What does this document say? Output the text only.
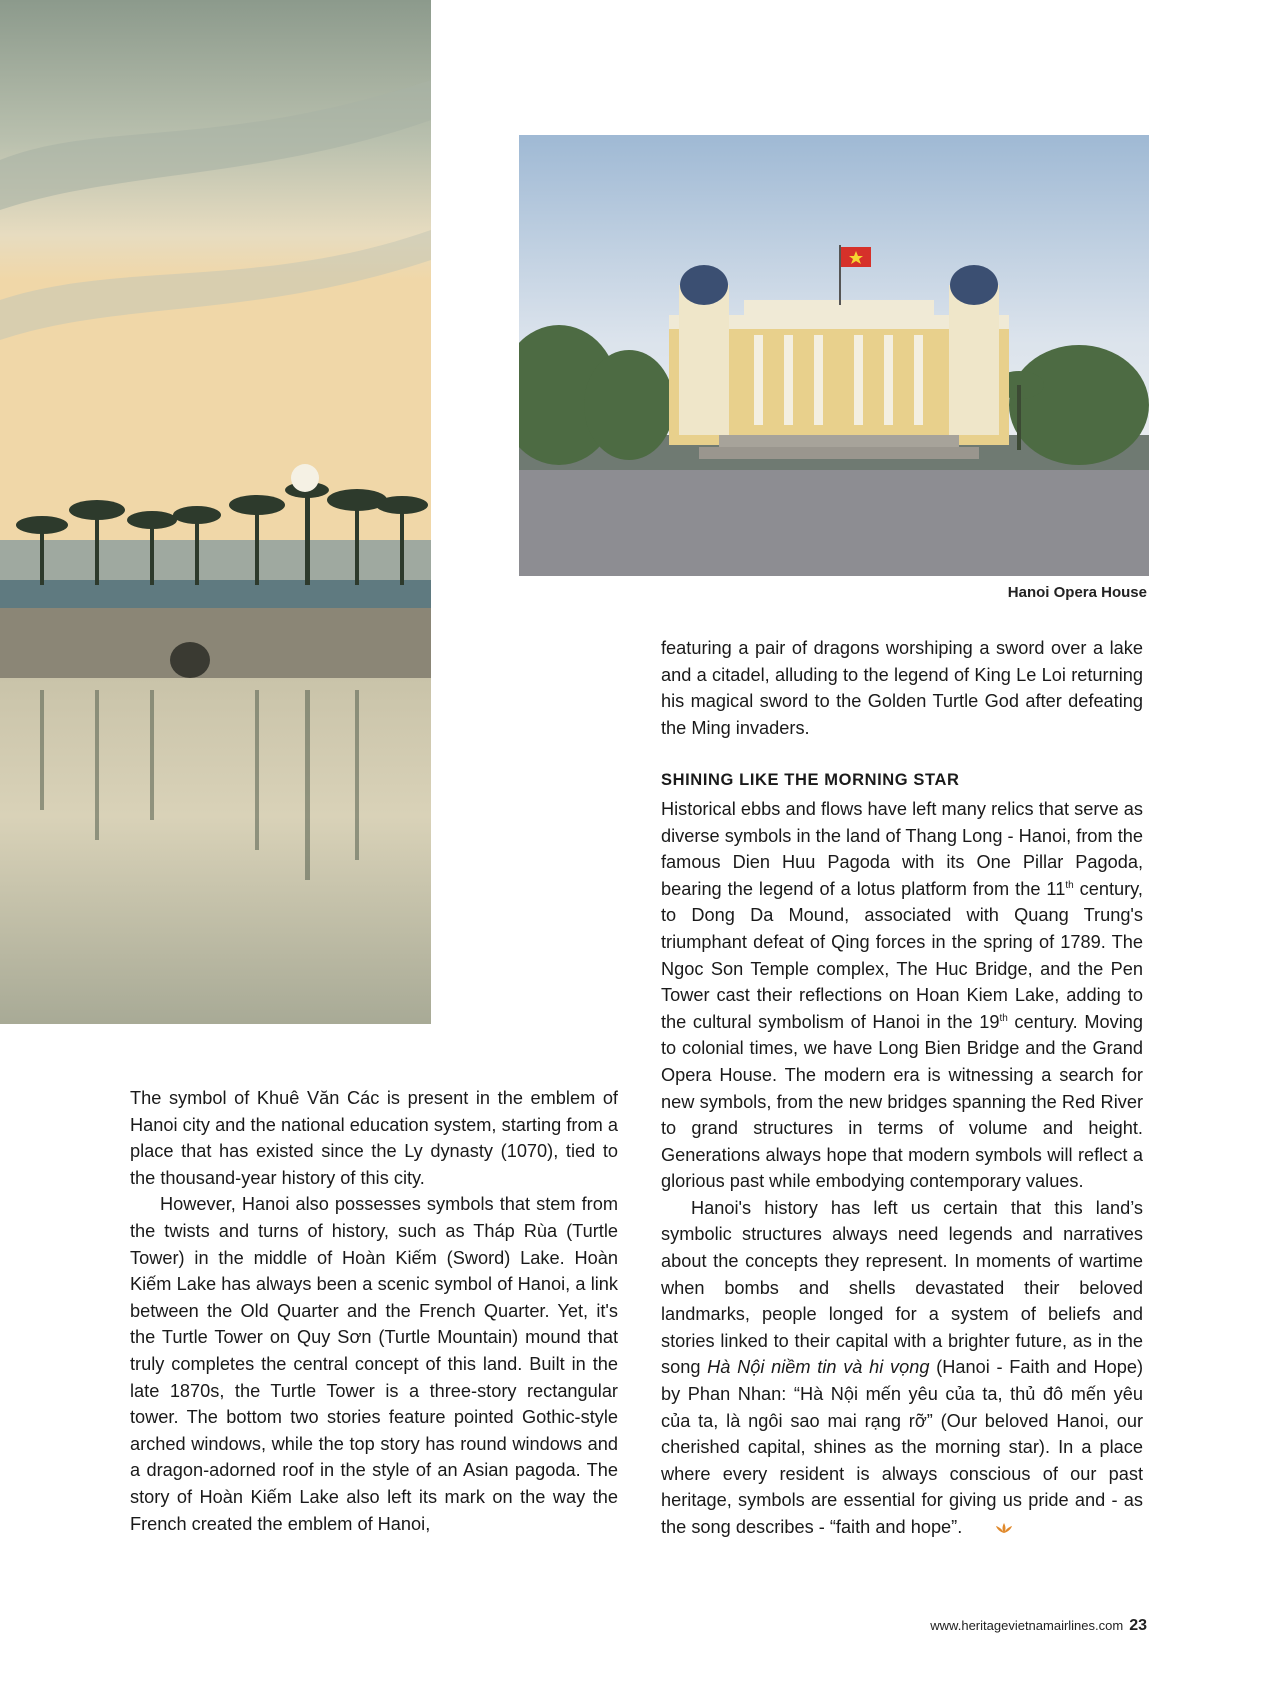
Hanoi Opera House

The symbol of Khuê Văn Các is present in the emblem of Hanoi city and the national education system, starting from a place that has existed since the Ly dynasty (1070), tied to the thousand-year history of this city.

However, Hanoi also possesses symbols that stem from the twists and turns of history, such as Tháp Rùa (Turtle Tower) in the middle of Hoàn Kiếm (Sword) Lake. Hoàn Kiếm Lake has always been a scenic symbol of Hanoi, a link between the Old Quarter and the French Quarter. Yet, it's the Turtle Tower on Quy Sơn (Turtle Mountain) mound that truly completes the central concept of this land. Built in the late 1870s, the Turtle Tower is a three-story rectangular tower. The bottom two stories feature pointed Gothic-style arched windows, while the top story has round windows and a dragon-adorned roof in the style of an Asian pagoda. The story of Hoàn Kiếm Lake also left its mark on the way the French created the emblem of Hanoi,

featuring a pair of dragons worshiping a sword over a lake and a citadel, alluding to the legend of King Le Loi returning his magical sword to the Golden Turtle God after defeating the Ming invaders.

SHINING LIKE THE MORNING STAR

Historical ebbs and flows have left many relics that serve as diverse symbols in the land of Thang Long - Hanoi, from the famous Dien Huu Pagoda with its One Pillar Pagoda, bearing the legend of a lotus platform from the 11th century, to Dong Da Mound, associated with Quang Trung's triumphant defeat of Qing forces in the spring of 1789. The Ngoc Son Temple complex, The Huc Bridge, and the Pen Tower cast their reflections on Hoan Kiem Lake, adding to the cultural symbolism of Hanoi in the 19th century. Moving to colonial times, we have Long Bien Bridge and the Grand Opera House. The modern era is witnessing a search for new symbols, from the new bridges spanning the Red River to grand structures in terms of volume and height. Generations always hope that modern symbols will reflect a glorious past while embodying contemporary values.

Hanoi's history has left us certain that this land’s symbolic structures always need legends and narratives about the concepts they represent. In moments of wartime when bombs and shells devastated their beloved landmarks, people longed for a system of beliefs and stories linked to their capital with a brighter future, as in the song Hà Nội niềm tin và hi vọng (Hanoi - Faith and Hope) by Phan Nhan: “Hà Nội mến yêu của ta, thủ đô mến yêu của ta, là ngôi sao mai rạng rỡ” (Our beloved Hanoi, our cherished capital, shines as the morning star). In a place where every resident is always conscious of our past heritage, symbols are essential for giving us pride and - as the song describes - “faith and hope”.

www.heritagevietnamairlines.com 23
